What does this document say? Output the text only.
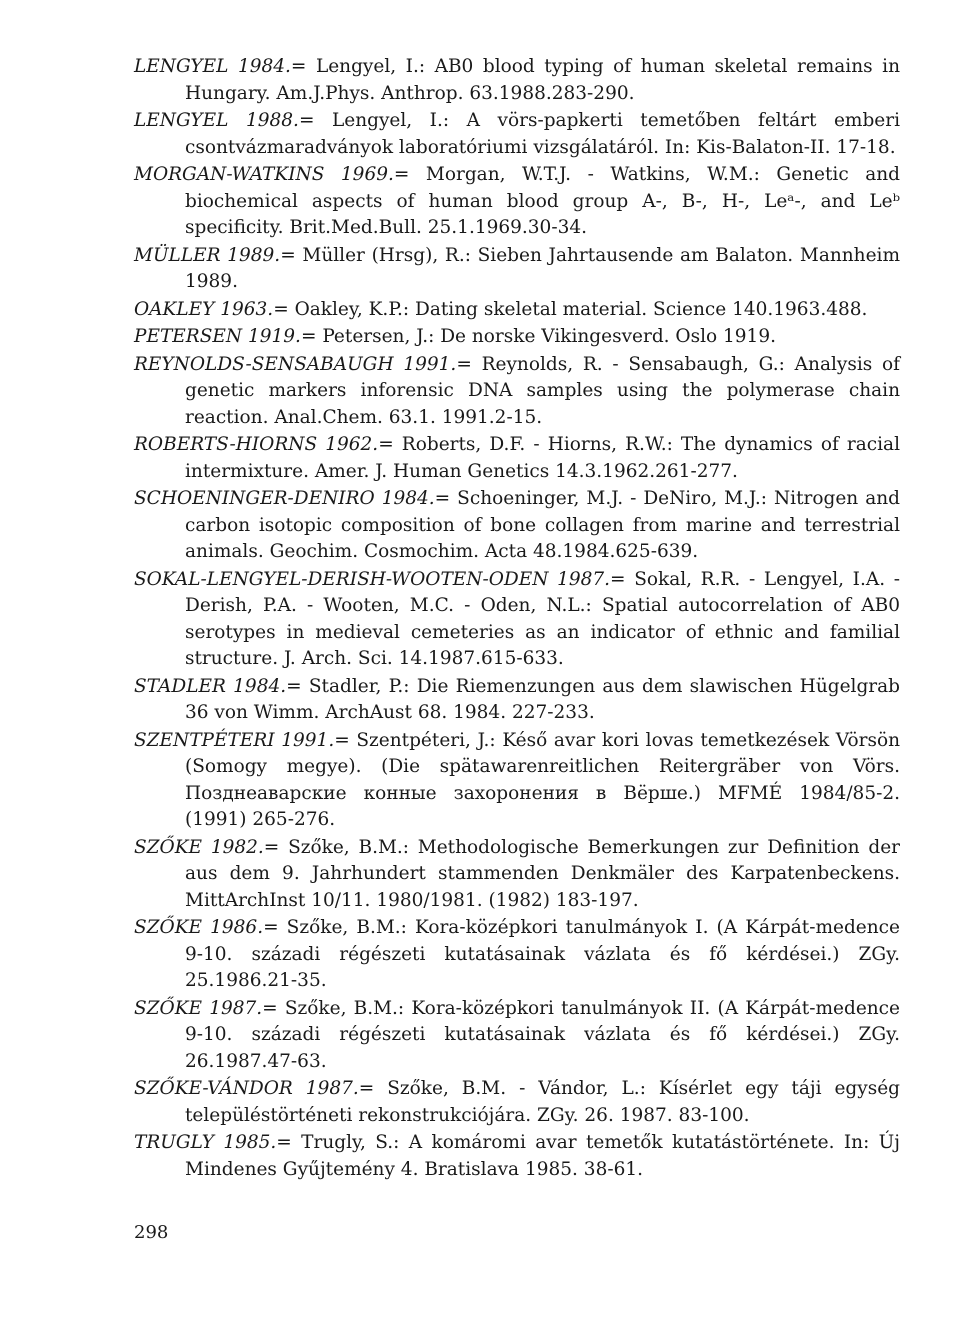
LENGYEL 1984.= Lengyel, I.: AB0 blood typing of human skeletal remains in Hungary. Am.J.Phys. Anthrop. 63.1988.283-290.

LENGYEL 1988.= Lengyel, I.: A vörs-papkerti temetőben feltárt emberi csontvázmaradványok laboratóriumi vizsgálatáról. In: Kis-Balaton-II. 17-18.

MORGAN-WATKINS 1969.= Morgan, W.T.J. - Watkins, W.M.: Genetic and biochemical aspects of human blood group A-, B-, H-, Leᵃ-, and Leᵇ specificity. Brit.Med.Bull. 25.1.1969.30-34.

MÜLLER 1989.= Müller (Hrsg), R.: Sieben Jahrtausende am Balaton. Mannheim 1989.

OAKLEY 1963.= Oakley, K.P.: Dating skeletal material. Science 140.1963.488.

PETERSEN 1919.= Petersen, J.: De norske Vikingesverd. Oslo 1919.

REYNOLDS-SENSABAUGH 1991.= Reynolds, R. - Sensabaugh, G.: Analysis of genetic markers inforensic DNA samples using the polymerase chain reaction. Anal.Chem. 63.1. 1991.2-15.

ROBERTS-HIORNS 1962.= Roberts, D.F. - Hiorns, R.W.: The dynamics of racial intermixture. Amer. J. Human Genetics 14.3.1962.261-277.

SCHOENINGER-DENIRO 1984.= Schoeninger, M.J. - DeNiro, M.J.: Nitrogen and carbon isotopic composition of bone collagen from marine and terrestrial animals. Geochim. Cosmochim. Acta 48.1984.625-639.

SOKAL-LENGYEL-DERISH-WOOTEN-ODEN 1987.= Sokal, R.R. - Lengyel, I.A. - Derish, P.A. - Wooten, M.C. - Oden, N.L.: Spatial autocorrelation of AB0 serotypes in medieval cemeteries as an indicator of ethnic and familial structure. J. Arch. Sci. 14.1987.615-633.

STADLER 1984.= Stadler, P.: Die Riemenzungen aus dem slawischen Hügelgrab 36 von Wimm. ArchAust 68. 1984. 227-233.

SZENTPÉTERI 1991.= Szentpéteri, J.: Késő avar kori lovas temetkezések Vörsön (Somogy megye). (Die spätawarenreitlichen Reitergräber von Vörs. Позднеаварские конные захоронения в Вёрше.) MFMÉ 1984/85-2. (1991) 265-276.

SZŐKE 1982.= Szőke, B.M.: Methodologische Bemerkungen zur Definition der aus dem 9. Jahrhundert stammenden Denkmäler des Karpatenbeckens. MittArchInst 10/11. 1980/1981. (1982) 183-197.

SZŐKE 1986.= Szőke, B.M.: Kora-középkori tanulmányok I. (A Kárpát-medence 9-10. századi régészeti kutatásainak vázlata és fő kérdései.) ZGy. 25.1986.21-35.

SZŐKE 1987.= Szőke, B.M.: Kora-középkori tanulmányok II. (A Kárpát-medence 9-10. századi régészeti kutatásainak vázlata és fő kérdései.) ZGy. 26.1987.47-63.

SZŐKE-VÁNDOR 1987.= Szőke, B.M. - Vándor, L.: Kísérlet egy táji egység településtörténeti rekonstrukciójára. ZGy. 26. 1987. 83-100.

TRUGLY 1985.= Trugly, S.: A komáromi avar temetők kutatástörténete. In: Új Mindenes Gyűjtemény 4. Bratislava 1985. 38-61.

298
